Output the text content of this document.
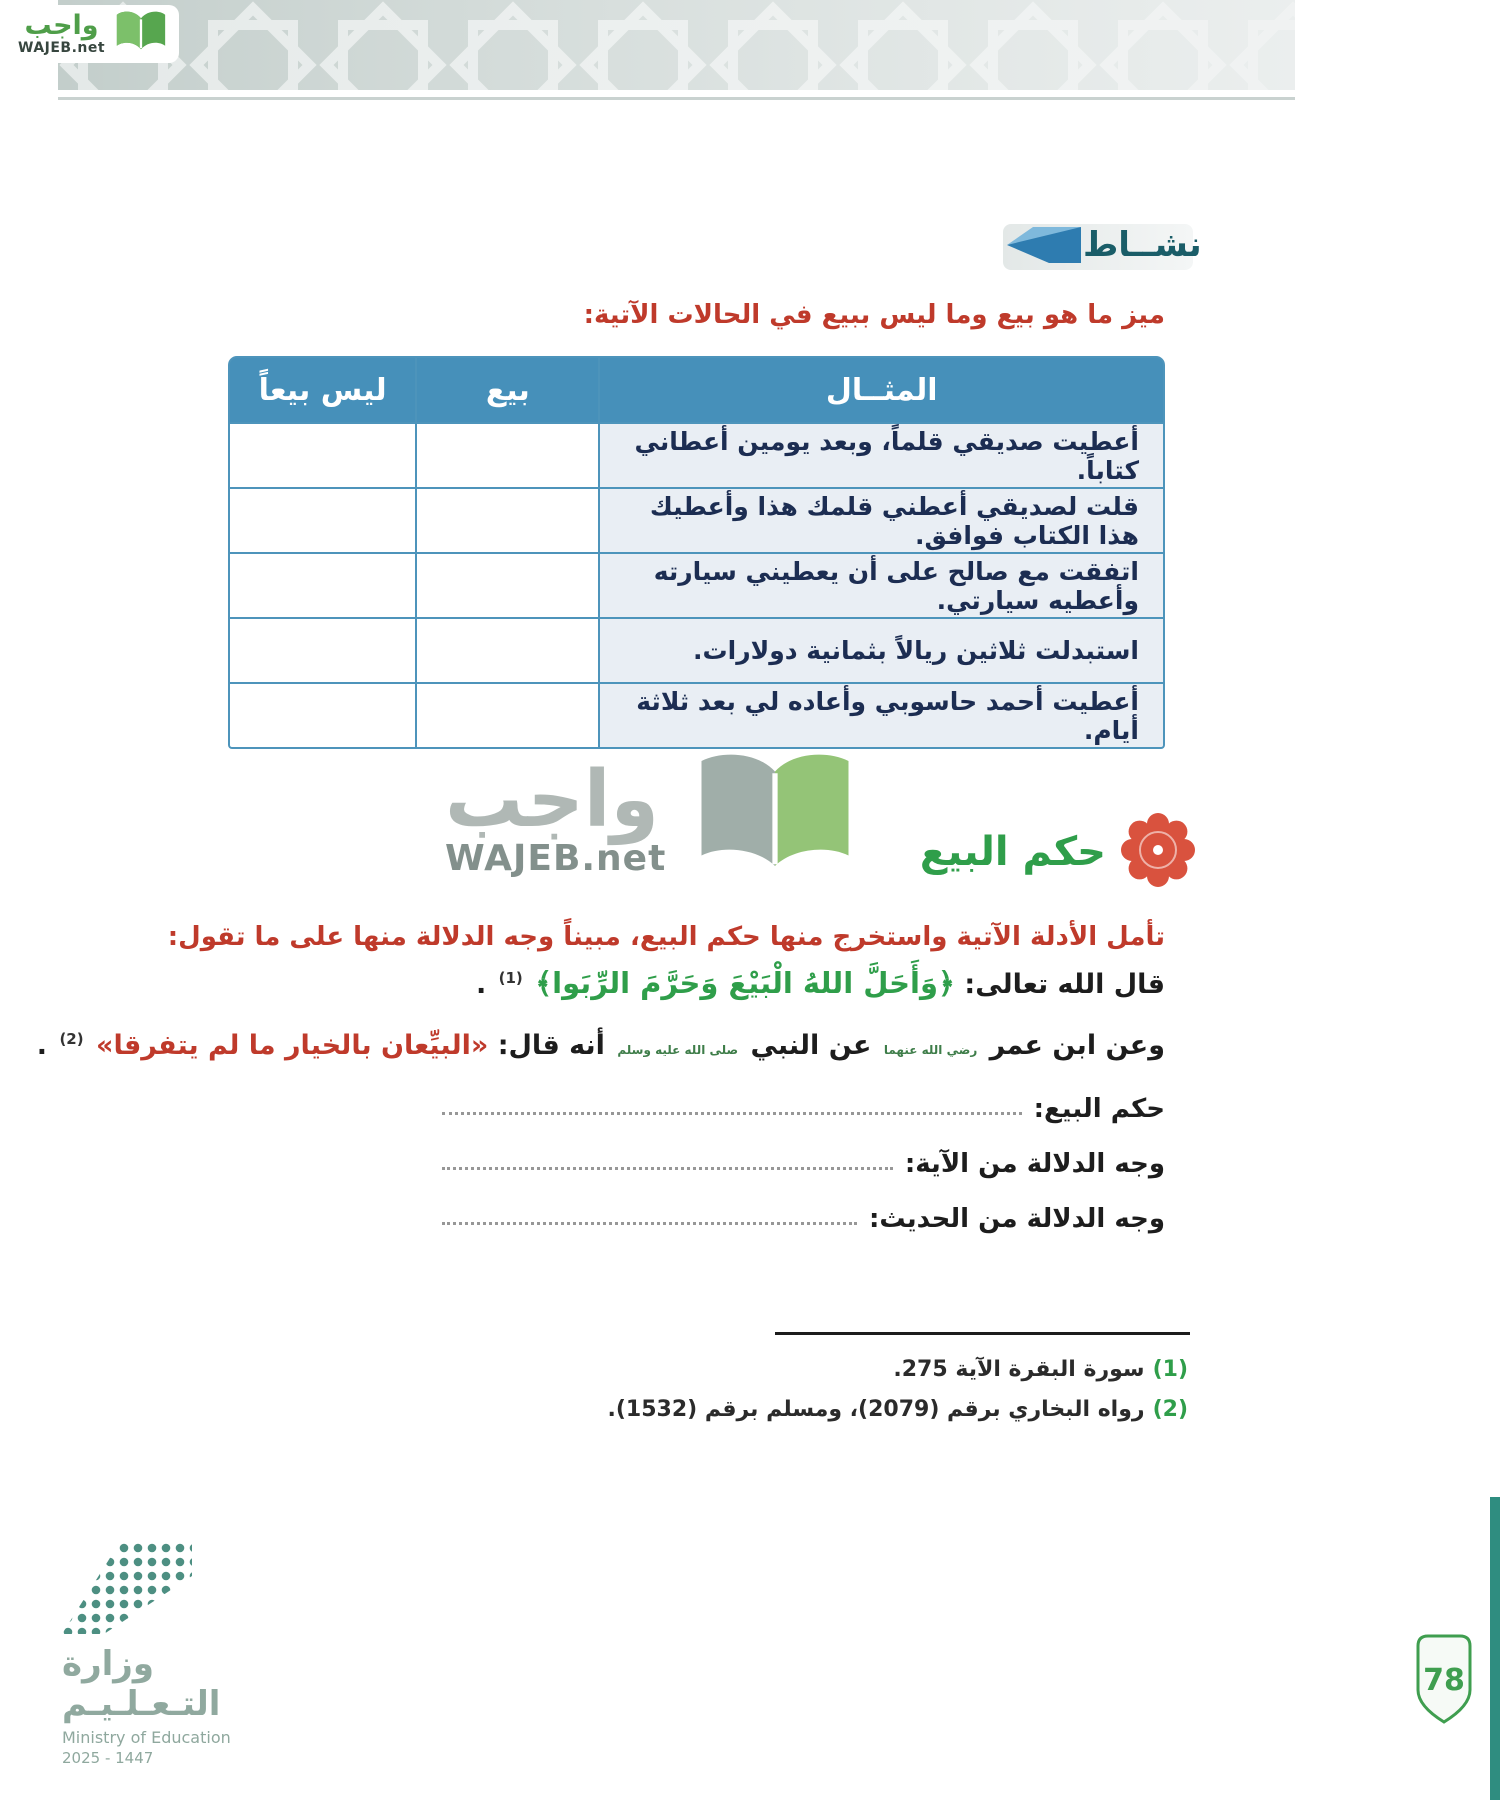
واجب
WAJEB.net
نشــاط
ميز ما هو بيع وما ليس ببيع في الحالات الآتية:
المثــال
بيع
ليس بيعاً
أعطيت صديقي قلماً، وبعد يومين أعطاني كتاباً.
قلت لصديقي أعطني قلمك هذا وأعطيك هذا الكتاب فوافق.
اتفقت مع صالح على أن يعطيني سيارته وأعطيه سيارتي.
استبدلت ثلاثين ريالاً بثمانية دولارات.
أعطيت أحمد حاسوبي وأعاده لي بعد ثلاثة أيام.
واجب
WAJEB.net	حكم البيع
تأمل الأدلة الآتية واستخرج منها حكم البيع، مبيناً وجه الدلالة منها على ما تقول:
قال الله تعالى: ﴿وَأَحَلَّ اللهُ الْبَيْعَ وَحَرَّمَ الرِّبَوا﴾ $^{(1)}$ .
وعن ابن عمر رضي الله عنهما عن النبي صلى الله عليه وسلم أنه قال: «البيِّعان بالخيار ما لم يتفرقا» $^{(2)}$ .
حكم البيع:
وجه الدلالة من الآية:
وجه الدلالة من الحديث:
(1)سورة البقرة الآية 275.
(2)رواه البخاري برقم (2079)، ومسلم برقم (1532).
وزارة التـعـلـيـم
Ministry of Education
2025 - 1447
78
